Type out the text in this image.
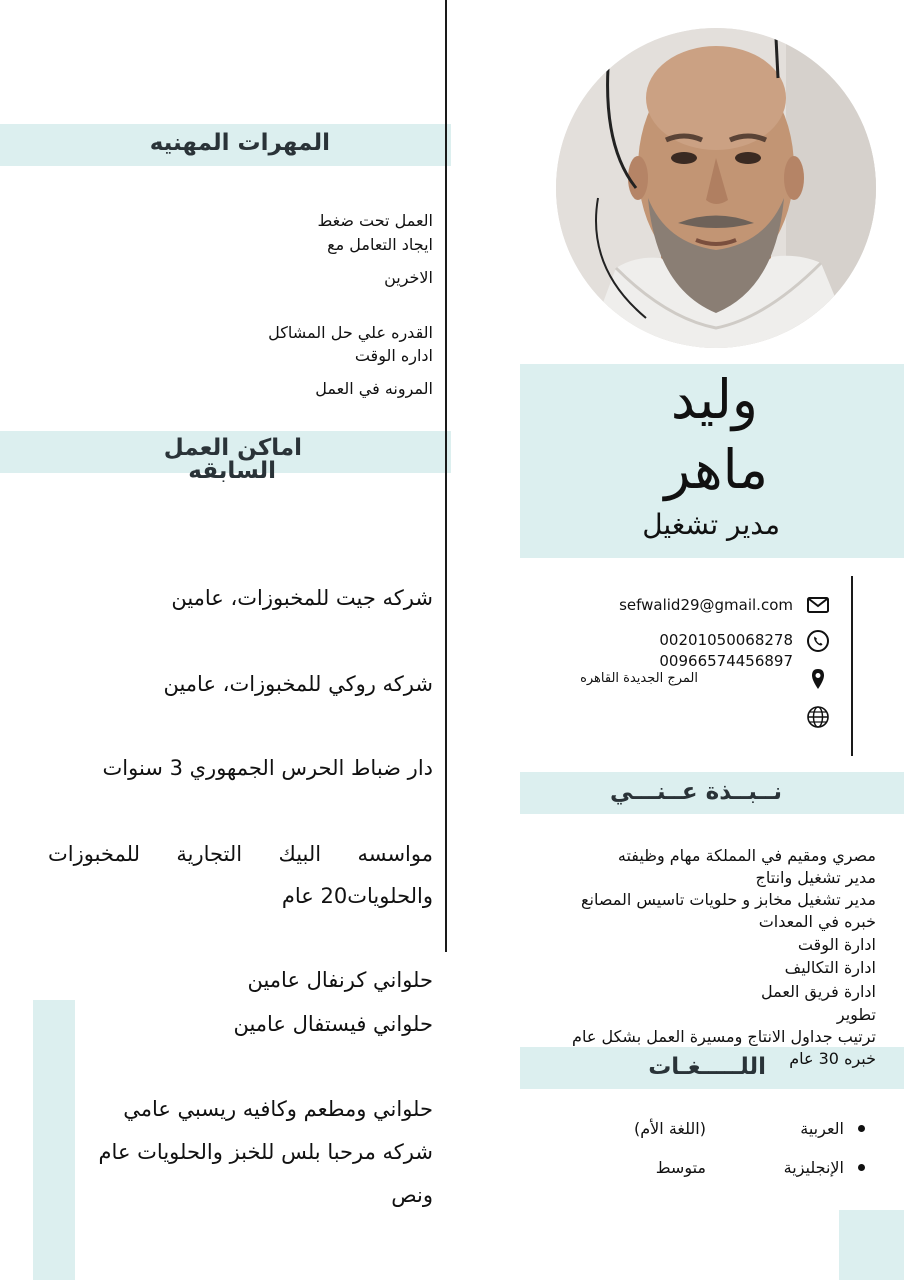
وليد
ماهر
مدير تشغيل
sefwalid29@gmail.com
00201050068278
00966574456897
المرج الجديدة القاهره
المهرات المهنيه
العمل تحت ضغط
ايجاد التعامل مع
الاخرين
القدره علي حل المشاكل
اداره الوقت
المرونه في العمل
اماكن العمل
السابقه
شركه جيت للمخبوزات، عامين
شركه روكي للمخبوزات، عامين
دار ضباط الحرس الجمهوري 3 سنوات
مواسسه البيك التجارية للمخبوزات
والحلويات20 عام
حلواني كرنفال عامين
حلواني فيستفال عامين
حلواني ومطعم وكافيه ريسبي عامي
شركه مرحبا بلس للخبز والحلويات عام
ونص
نــبــذة عــنـــي
مصري ومقيم في المملكة مهام وظيفته
مدير تشغيل وانتاج
مدير تشغيل مخابز و حلويات تاسيس المصانع
خبره في المعدات
ادارة الوقت
ادارة التكاليف
ادارة فريق العمل
تطوير
ترتيب جداول الانتاج ومسيرة العمل بشكل عام
خبره 30 عام
اللـــــغـات
العربية
(اللغة الأم)
الإنجليزية
متوسط
